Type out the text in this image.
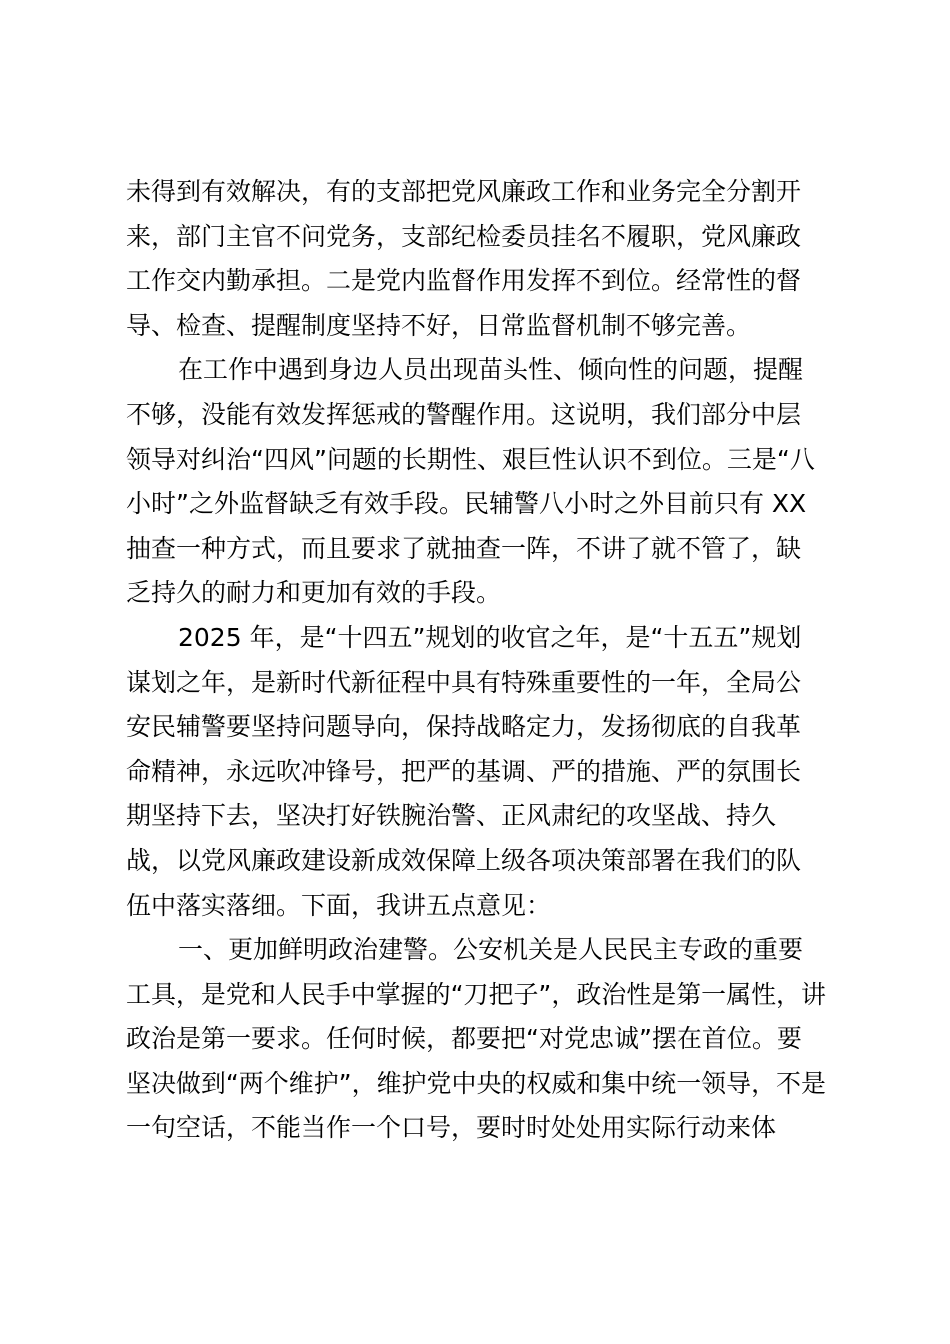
未得到有效解决，有的支部把党风廉政工作和业务完全分割开
来，部门主官不问党务，支部纪检委员挂名不履职，党风廉政
工作交内勤承担。二是党内监督作用发挥不到位。经常性的督
导、检查、提醒制度坚持不好，日常监督机制不够完善。
在工作中遇到身边人员出现苗头性、倾向性的问题，提醒
不够，没能有效发挥惩戒的警醒作用。这说明，我们部分中层
领导对纠治“四风”问题的长期性、艰巨性认识不到位。三是“八
小时”之外监督缺乏有效手段。民辅警八小时之外目前只有 XX
抽查一种方式，而且要求了就抽查一阵，不讲了就不管了，缺
乏持久的耐力和更加有效的手段。
2025 年，是“十四五”规划的收官之年，是“十五五”规划
谋划之年，是新时代新征程中具有特殊重要性的一年，全局公
安民辅警要坚持问题导向，保持战略定力，发扬彻底的自我革
命精神，永远吹冲锋号，把严的基调、严的措施、严的氛围长
期坚持下去，坚决打好铁腕治警、正风肃纪的攻坚战、持久
战，以党风廉政建设新成效保障上级各项决策部署在我们的队
伍中落实落细。下面，我讲五点意见：
一、更加鲜明政治建警。公安机关是人民民主专政的重要
工具，是党和人民手中掌握的“刀把子”，政治性是第一属性，讲
政治是第一要求。任何时候，都要把“对党忠诚”摆在首位。要
坚决做到“两个维护”，维护党中央的权威和集中统一领导，不是
一句空话，不能当作一个口号，要时时处处用实际行动来体
